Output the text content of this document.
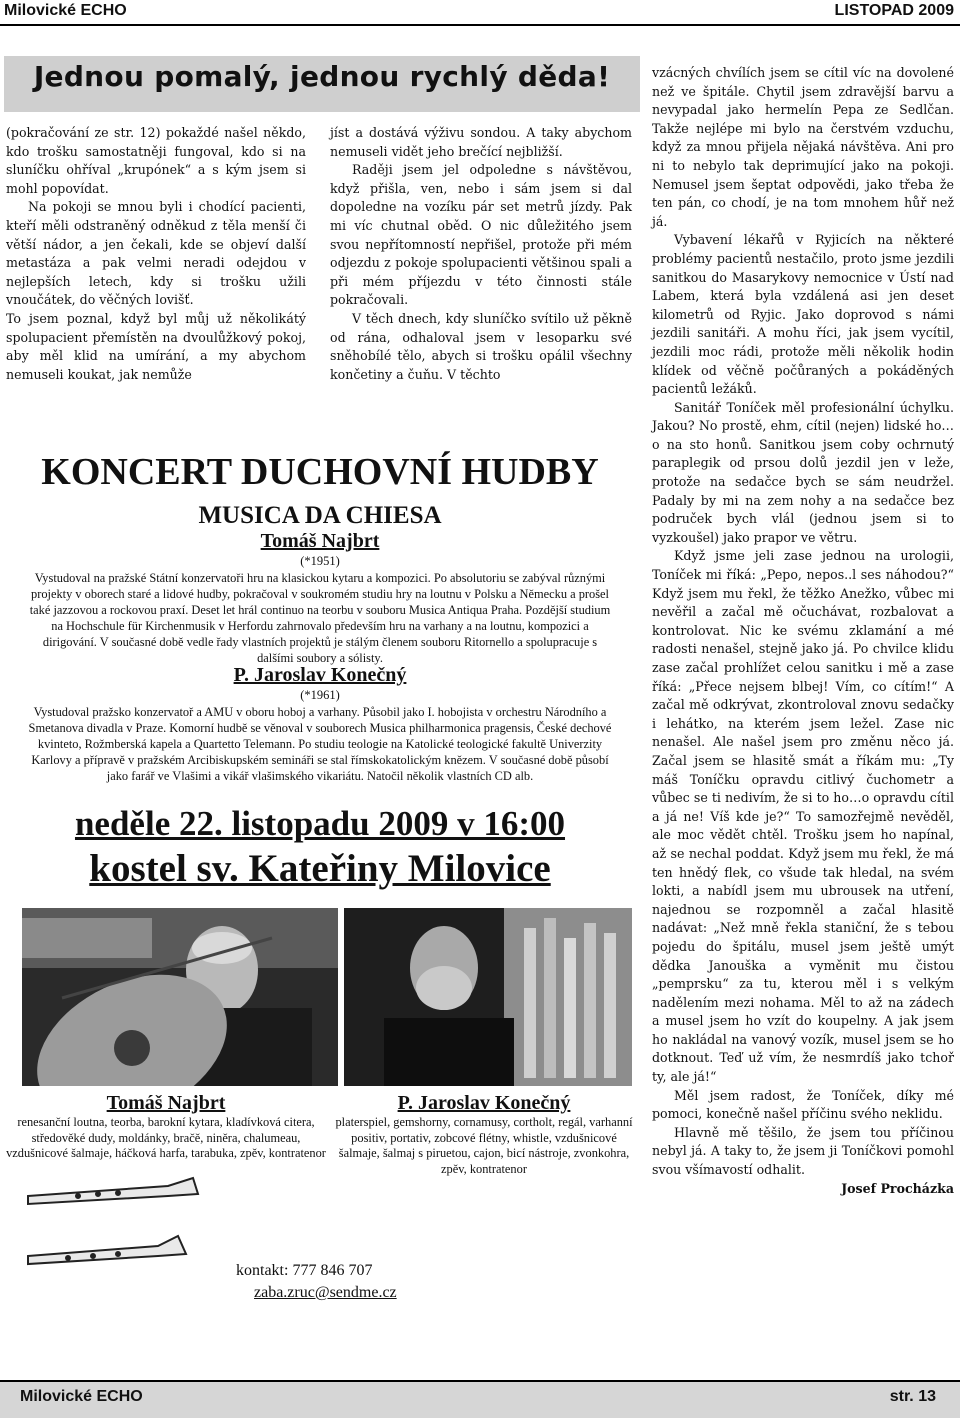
Milovické ECHO	LISTOPAD 2009
Jednou pomalý, jednou rychlý děda!

(pokračování ze str. 12) pokaždé našel někdo, kdo trošku samostatněji fungoval, kdo si na sluníčku ohříval „krupónek“ a s kým jsem si mohl popovídat.

Na pokoji se mnou byli i chodící pacienti, kteří měli odstraněný odněkud z těla menší či větší nádor, a jen čekali, kde se objeví další metastáza a pak velmi neradi odejdou v nejlepších letech, kdy si trošku užili vnoučátek, do věčných lovišť.

To jsem poznal, když byl můj už několikátý spolupacient přemístěn na dvoulůžkový pokoj, aby měl klid na umírání, a my abychom nemuseli koukat, jak nemůže

jíst a dostává výživu sondou. A taky abychom nemuseli vidět jeho brečící nejbližší.

Raději jsem jel odpoledne s návštěvou, když přišla, ven, nebo i sám jsem si dal dopoledne na vozíku pár set metrů jízdy. Pak mi víc chutnal oběd. O nic důležitého jsem svou nepřítomností nepřišel, protože při mém odjezdu z pokoje spolupacienti většinou spali a při mém příjezdu v této činnosti stále pokračovali.

V těch dnech, kdy sluníčko svítilo už pěkně od rána, odhaloval jsem v lesoparku své sněhobílé tělo, abych si trošku opálil všechny končetiny a čuňu. V těchto

vzácných chvílích jsem se cítil víc na dovolené než ve špitále. Chytil jsem zdravější barvu a nevypadal jako hermelín Pepa ze Sedlčan. Takže nejlépe mi bylo na čerstvém vzduchu, když za mnou přijela nějaká návštěva. Ani pro ni to nebylo tak deprimující jako na pokoji. Nemusel jsem šeptat odpovědi, jako třeba že ten pán, co chodí, je na tom mnohem hůř než já.

Vybavení lékařů v Ryjicích na některé problémy pacientů nestačilo, proto jsme jezdili sanitkou do Masarykovy nemocnice v Ústí nad Labem, která byla vzdálená asi jen deset kilometrů od Ryjic. Jako doprovod s námi jezdili sanitáři. A mohu říci, jak jsem vycítil, jezdili moc rádi, protože měli několik hodin klídek od věčně počůraných a pokáděných pacientů ležáků.

Sanitář Toníček měl profesionální úchylku. Jakou? No prostě, ehm, cítil (nejen) lidské ho…o na sto honů. Sanitkou jsem coby ochrnutý paraplegik od prsou dolů jezdil jen v leže, protože na sedačce bych se sám neudržel. Padaly by mi na zem nohy a na sedačce bez područek bych vlál (jednou jsem si to vyzkoušel) jako prapor ve větru.

Když jsme jeli zase jednou na urologii, Toníček mi říká: „Pepo, nepos..l ses náhodou?“ Když jsem mu řekl, že těžko Anežko, vůbec mi nevěřil a začal mě očuchávat, rozbalovat a kontrolovat. Nic ke svému zklamání a mé radosti nenašel, stejně jako já. Po chvilce klidu zase začal prohlížet celou sanitku i mě a zase říká: „Přece nejsem blbej! Vím, co cítím!“ A začal mě odkrývat, zkontroloval znovu sedačky i lehátko, na kterém jsem ležel. Zase nic nenašel. Ale našel jsem pro změnu něco já. Začal jsem se hlasitě smát a říkám mu: „Ty máš Toníčku opravdu citlivý čuchometr a vůbec se ti nedivím, že si to ho…o opravdu cítil a já ne! Víš kde je?“ To samozřejmě nevěděl, ale moc vědět chtěl. Trošku jsem ho napínal, až se nechal poddat. Když jsem mu řekl, že má ten hnědý flek, co všude tak hledal, na svém lokti, a nabídl jsem mu ubrousek na utření, najednou se rozpomněl a začal hlasitě nadávat: „Než mně řekla staniční, že s tebou pojedu do špitálu, musel jsem ještě umýt dědka Janouška a vyměnit mu čistou „pemprsku“ za tu, kterou měl i s velkým nadělením mezi nohama. Měl to až na zádech a musel jsem ho vzít do koupelny. A jak jsem ho nakládal na vanový vozík, musel jsem se ho dotknout. Teď už vím, že nesmrdíš jako tchoř ty, ale já!“

Měl jsem radost, že Toníček, díky mé pomoci, konečně našel příčinu svého neklidu.

Hlavně mě těšilo, že jsem tou příčinou nebyl já. A taky to, že jsem ji Toníčkovi pomohl svou všímavostí odhalit.

Josef Procházka

KONCERT DUCHOVNÍ HUDBY
MUSICA DA CHIESA
Tomáš Najbrt
(*1951)
Vystudoval na pražské Státní konzervatoři hru na klasickou kytaru a kompozici. Po absolutoriu se zabýval různými projekty v oborech staré a lidové hudby, pokračoval v soukromém studiu hry na loutnu v Polsku a Německu a prošel také jazzovou a rockovou praxí. Deset let hrál continuo na teorbu v souboru Musica Antiqua Praha. Pozdější studium na Hochschule für Kirchenmusik v Herfordu zahrnovalo především hru na varhany a na loutnu, kompozici a dirigování. V současné době vedle řady vlastních projektů je stálým členem souboru Ritornello a spolupracuje s dalšími soubory a sólisty.
P. Jaroslav Konečný
(*1961)
Vystudoval pražsko konzervatoř a AMU v oboru hoboj a varhany. Působil jako I. hobojista v orchestru Národního a Smetanova divadla v Praze. Komorní hudbě se věnoval v souborech Musica philharmonica pragensis, České dechové kvinteto, Rožmberská kapela a Quartetto Telemann. Po studiu teologie na Katolické teologické fakultě Univerzity Karlovy a přípravě v pražském Arcibiskupském semináři se stal římskokatolickým knězem. V současné době působí jako farář ve Vlašimi a vikář vlašimského vikariátu. Natočil několik vlastních CD alb.
neděle 22. listopadu 2009 v 16:00
kostel sv. Kateřiny Milovice
Tomáš Najbrt
renesanční loutna, teorba, barokní kytara, kladívková citera, středověké dudy, moldánky, bračě, niněra, chalumeau, vzdušnicové šalmaje, háčková harfa, tarabuka, zpěv, kontratenor
P. Jaroslav Konečný
platerspiel, gemshorny, cornamusy, cortholt, regál, varhanní positiv, portativ, zobcové flétny, whistle, vzdušnicové šalmaje, šalmaj s piruetou, cajon, bicí nástroje, zvonkohra, zpěv, kontratenor
kontakt: 777 846 707
zaba.zruc@sendme.cz
Milovické ECHO	str. 13
